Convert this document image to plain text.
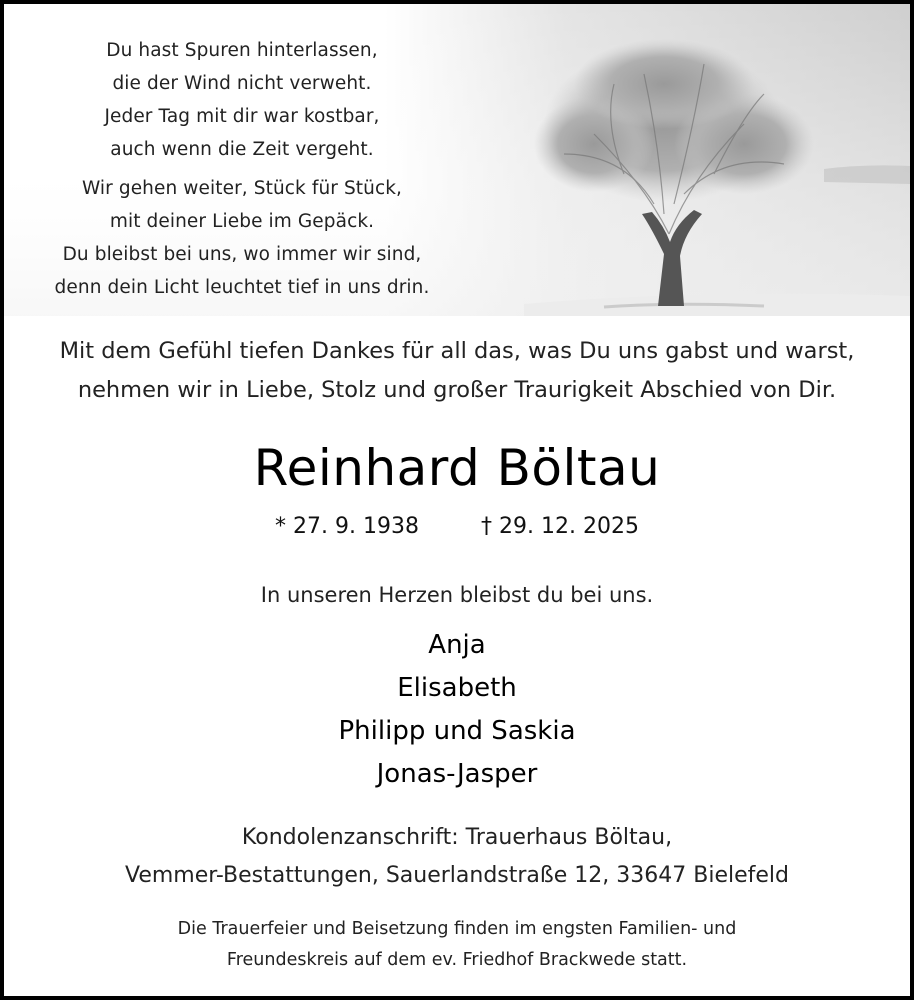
Du hast Spuren hinterlassen,
die der Wind nicht verweht.
Jeder Tag mit dir war kostbar,
auch wenn die Zeit vergeht.
Wir gehen weiter, Stück für Stück,
mit deiner Liebe im Gepäck.
Du bleibst bei uns, wo immer wir sind,
denn dein Licht leuchtet tief in uns drin.
Mit dem Gefühl tiefen Dankes für all das, was Du uns gabst und warst,
nehmen wir in Liebe, Stolz und großer Traurigkeit Abschied von Dir.
Reinhard Böltau
* 27. 9. 1938	† 29. 12. 2025
In unseren Herzen bleibst du bei uns.
Anja
Elisabeth
Philipp und Saskia
Jonas-Jasper
Kondolenzanschrift: Trauerhaus Böltau,
Vemmer-Bestattungen, Sauerlandstraße 12, 33647 Bielefeld
Die Trauerfeier und Beisetzung finden im engsten Familien- und
Freundeskreis auf dem ev. Friedhof Brackwede statt.
